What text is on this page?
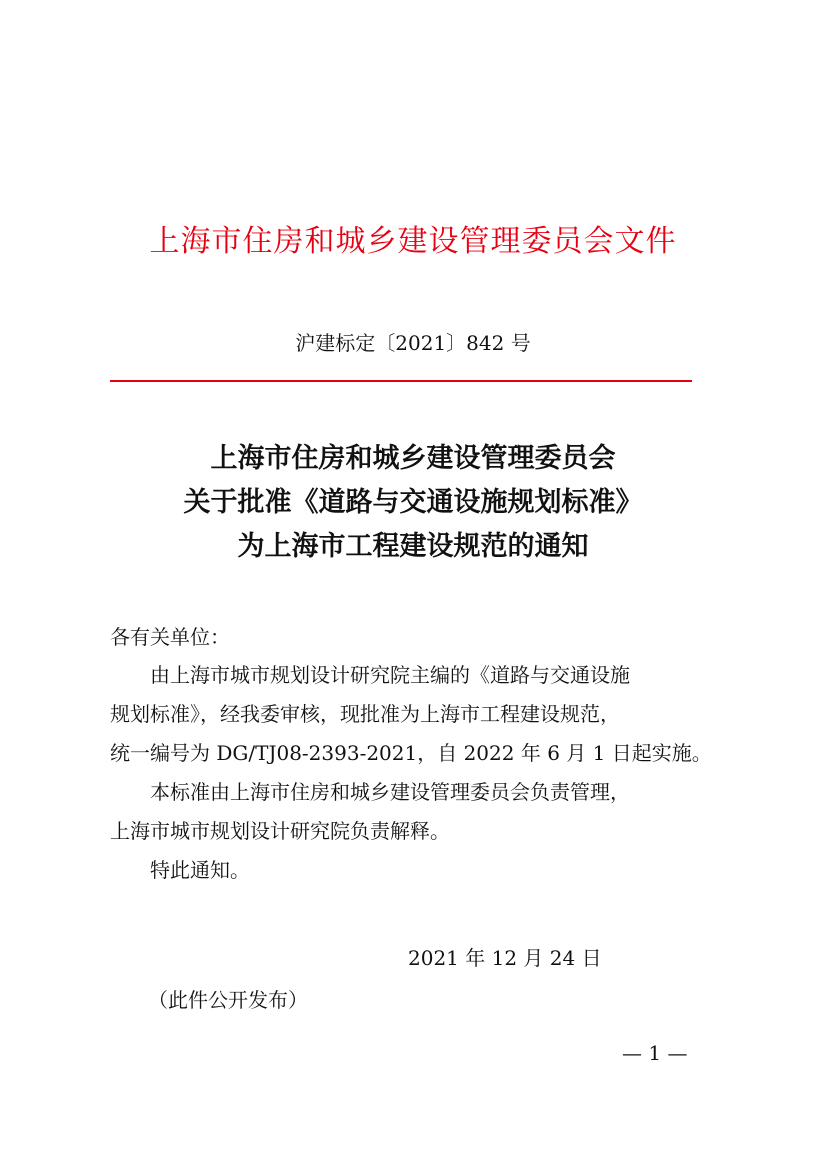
上海市住房和城乡建设管理委员会文件
沪建标定〔2021〕842 号
上海市住房和城乡建设管理委员会
关于批准《道路与交通设施规划标准》
为上海市工程建设规范的通知
各有关单位：
　　由上海市城市规划设计研究院主编的《道路与交通设施
规划标准》，经我委审核，现批准为上海市工程建设规范，
统一编号为 DG/TJ08-2393-2021，自 2022 年 6 月 1 日起实施。
　　本标准由上海市住房和城乡建设管理委员会负责管理，
上海市城市规划设计研究院负责解释。
　　特此通知。
2021 年 12 月 24 日
（此件公开发布）
— 1 —
